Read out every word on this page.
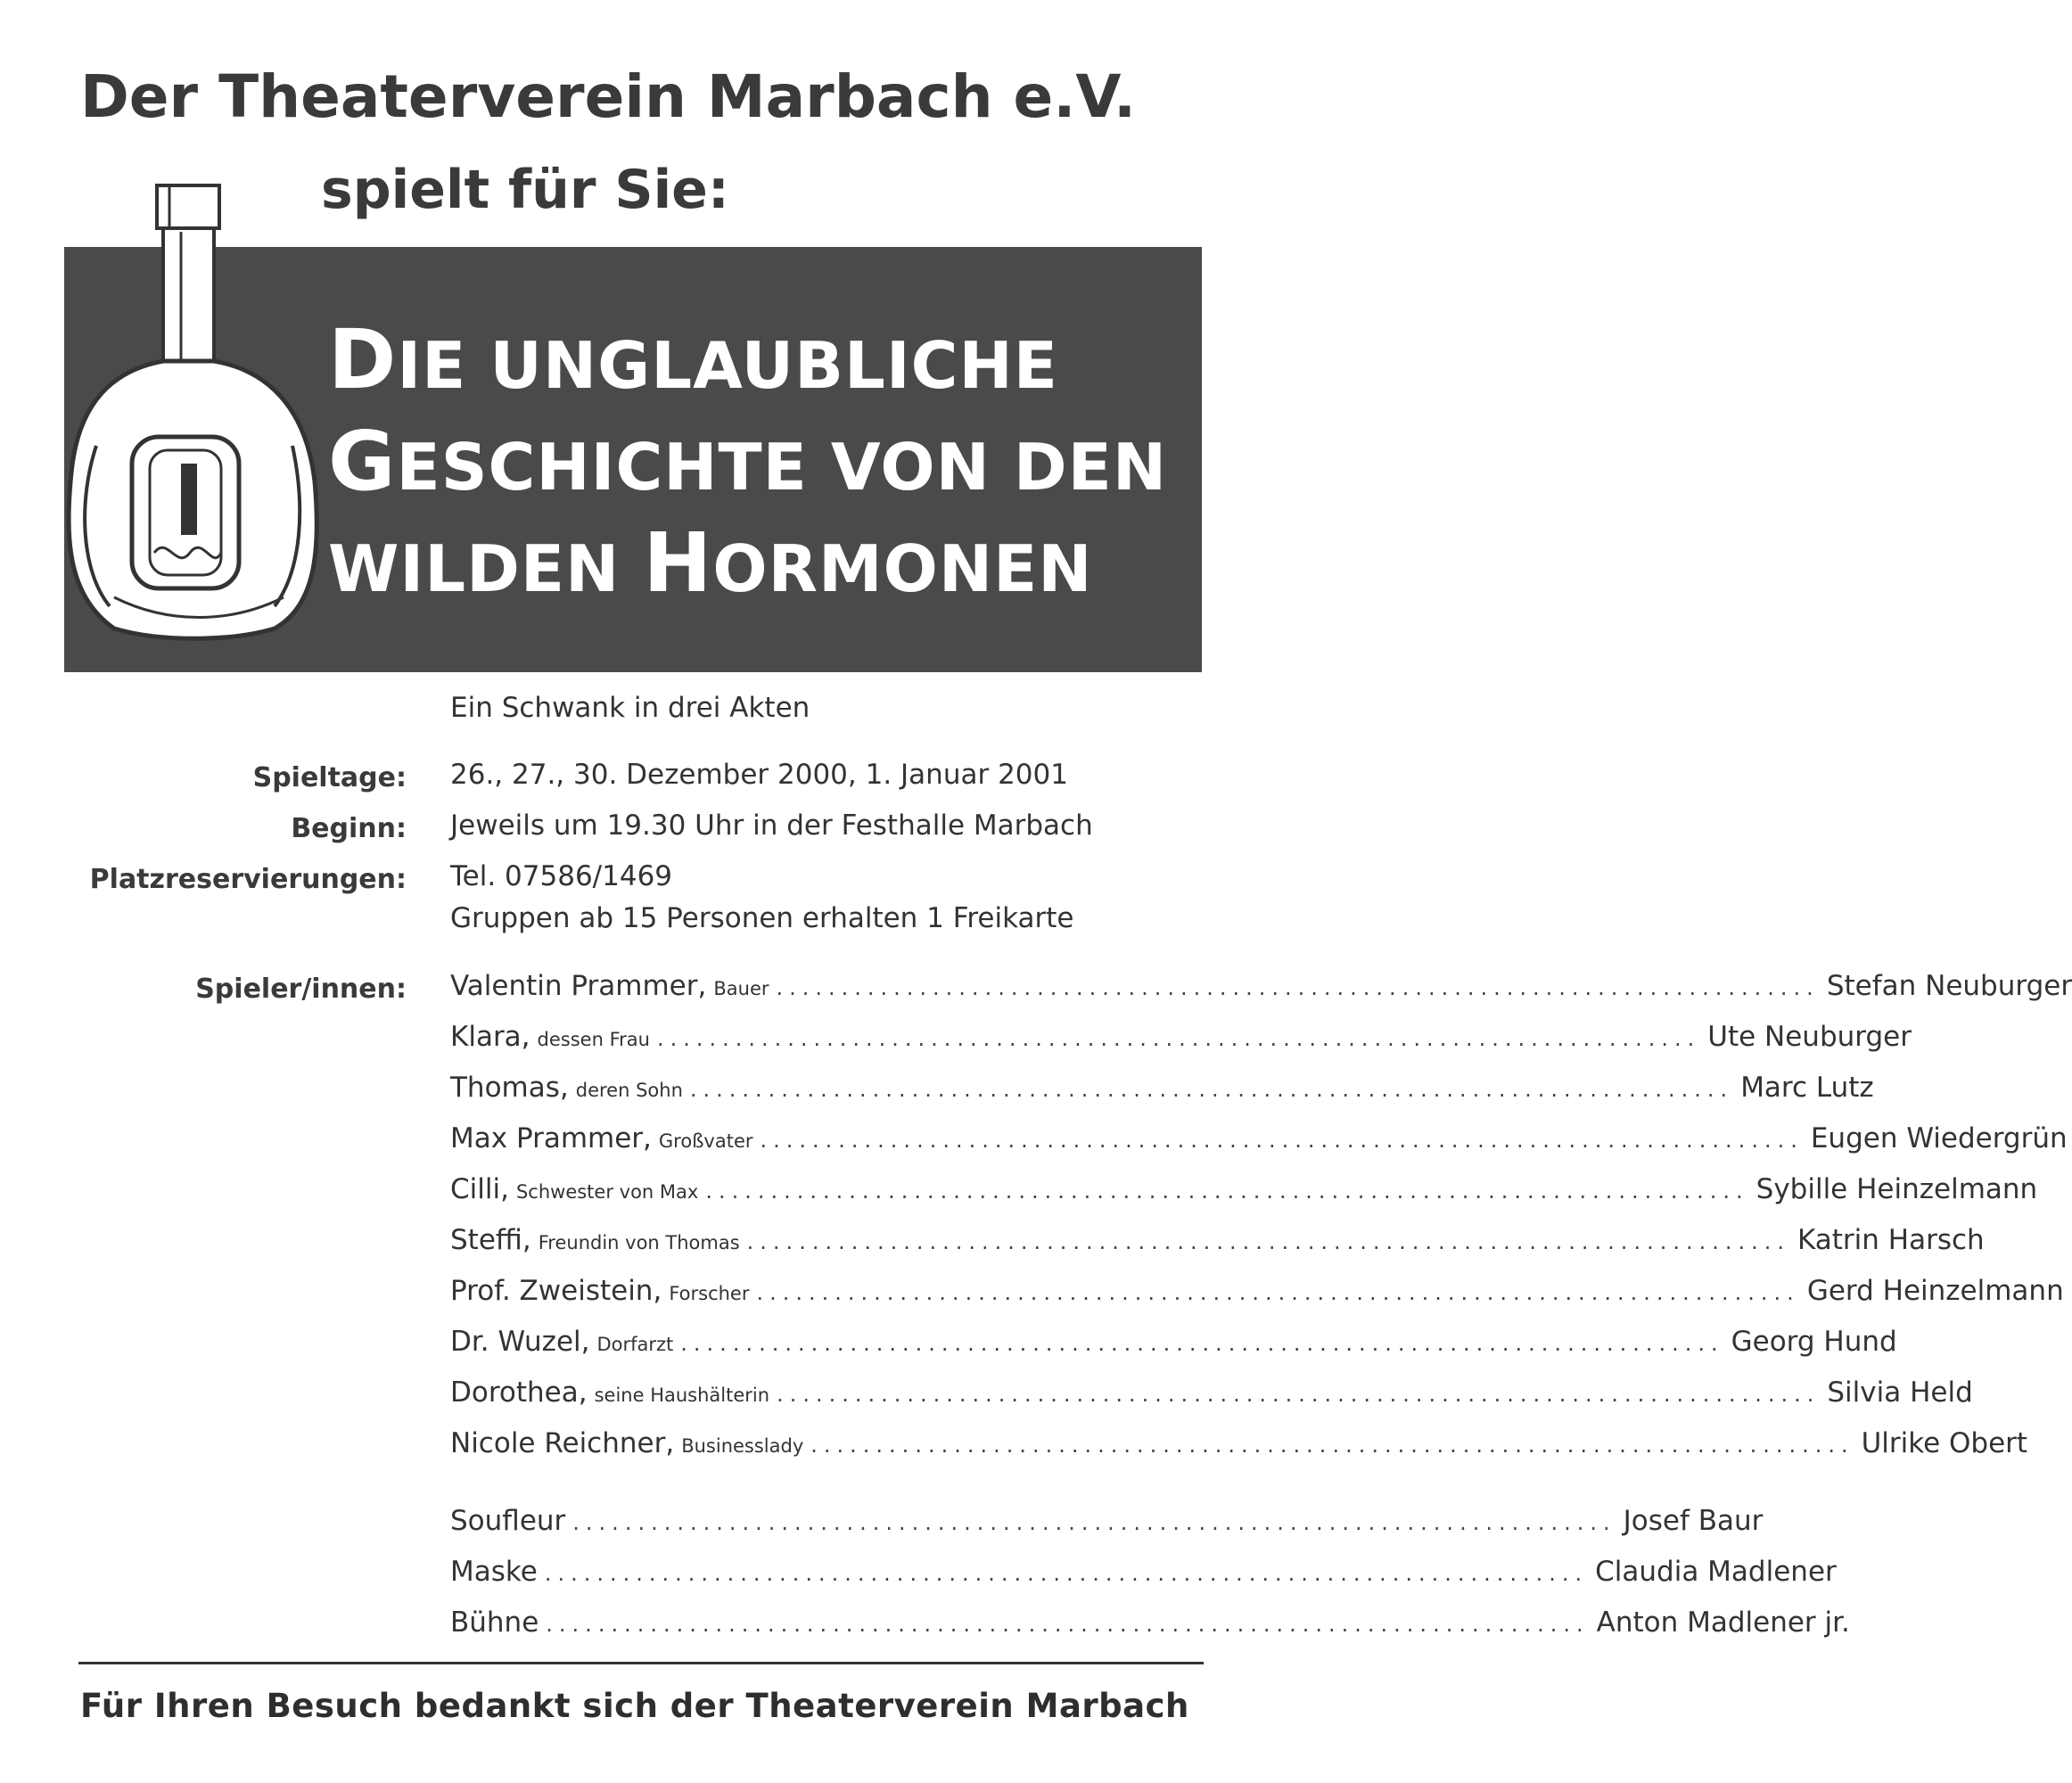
Der Theaterverein Marbach e.V.
spielt für Sie:
DIE UNGLAUBLICHE
GESCHICHTE VON DEN
WILDEN HORMONEN
Ein Schwank in drei Akten
Spieltage: 26., 27., 30. Dezember 2000, 1. Januar 2001
Beginn: Jeweils um 19.30 Uhr in der Festhalle Marbach
Platzreservierungen: Tel. 07586/1469
Gruppen ab 15 Personen erhalten 1 Freikarte
Spieler/innen: Valentin Prammer, Bauer ................................................................................ Stefan Neuburger
Klara, dessen Frau ................................................................................ Ute Neuburger
Thomas, deren Sohn ................................................................................ Marc Lutz
Max Prammer, Großvater ................................................................................ Eugen Wiedergrün
Cilli, Schwester von Max ................................................................................ Sybille Heinzelmann
Steffi, Freundin von Thomas ................................................................................ Katrin Harsch
Prof. Zweistein, Forscher ................................................................................ Gerd Heinzelmann
Dr. Wuzel, Dorfarzt ................................................................................ Georg Hund
Dorothea, seine Haushälterin ................................................................................ Silvia Held
Nicole Reichner, Businesslady ................................................................................ Ulrike Obert
Soufleur ................................................................................ Josef Baur
Maske ................................................................................ Claudia Madlener
Bühne ................................................................................ Anton Madlener jr.
Für Ihren Besuch bedankt sich der Theaterverein Marbach
